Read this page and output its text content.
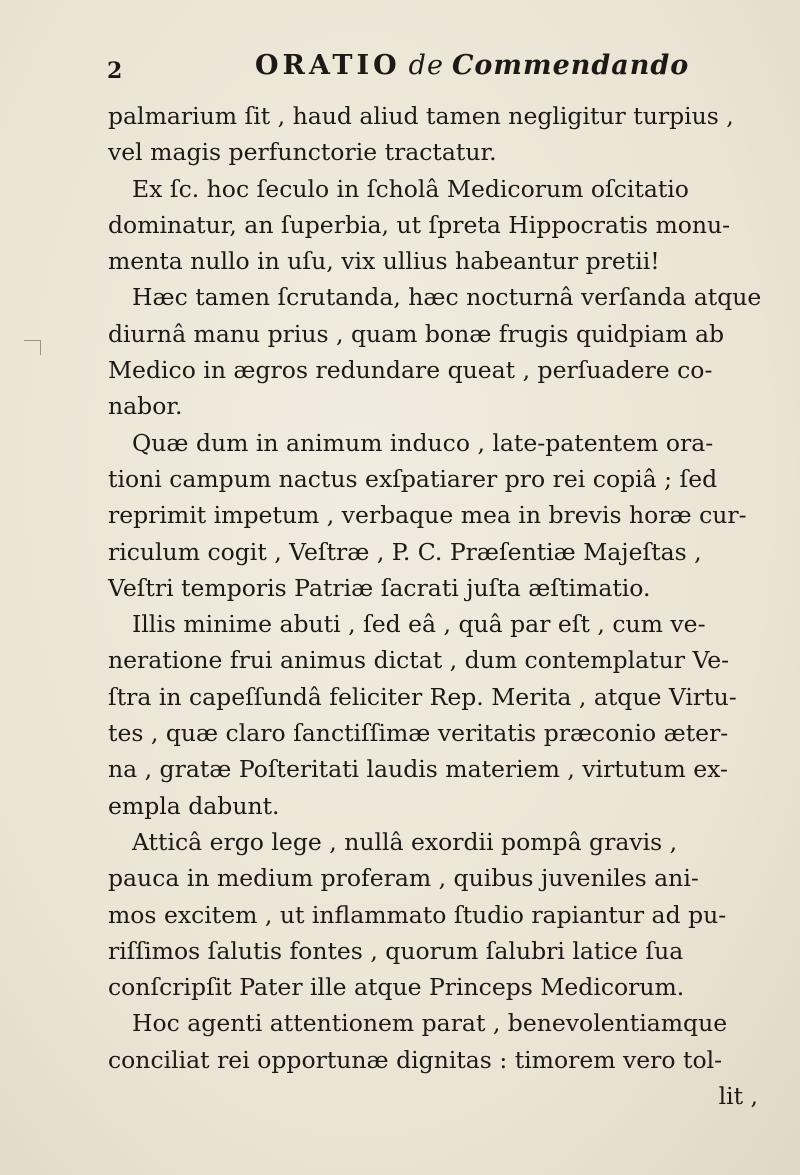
2	ORATIO de Commendando
palmarium ſit , haud aliud tamen negligitur turpius ,
vel magis perfunctorie tractatur.
Ex ſc. hoc ſeculo in ſcholâ Medicorum oſcitatio
dominatur, an ſuperbia, ut ſpreta Hippocratis monu-
menta nullo in uſu, vix ullius habeantur pretii!
Hæc tamen ſcrutanda, hæc nocturnâ verſanda atque
diurnâ manu prius , quam bonæ frugis quidpiam ab
Medico in ægros redundare queat , perſuadere co-
nabor.
Quæ dum in animum induco , late-patentem ora-
tioni campum nactus exſpatiarer pro rei copiâ ; ſed
reprimit impetum , verbaque mea in brevis horæ cur-
riculum cogit , Veſtræ , P. C. Præſentiæ Majeſtas ,
Veſtri temporis Patriæ ſacrati juſta æſtimatio.
Illis minime abuti , ſed eâ , quâ par eſt , cum ve-
neratione frui animus dictat , dum contemplatur Ve-
ſtra in capeſſundâ feliciter Rep. Merita , atque Virtu-
tes , quæ claro ſanctiſſimæ veritatis præconio æter-
na , gratæ Poſteritati laudis materiem , virtutum ex-
empla dabunt.
Atticâ ergo lege , nullâ exordii pompâ gravis ,
pauca in medium proferam , quibus juveniles ani-
mos excitem , ut inflammato ſtudio rapiantur ad pu-
riſſimos ſalutis fontes , quorum ſalubri latice ſua
conſcripſit Pater ille atque Princeps Medicorum.
Hoc agenti attentionem parat , benevolentiamque
conciliat rei opportunæ dignitas : timorem vero tol-
lit ,
